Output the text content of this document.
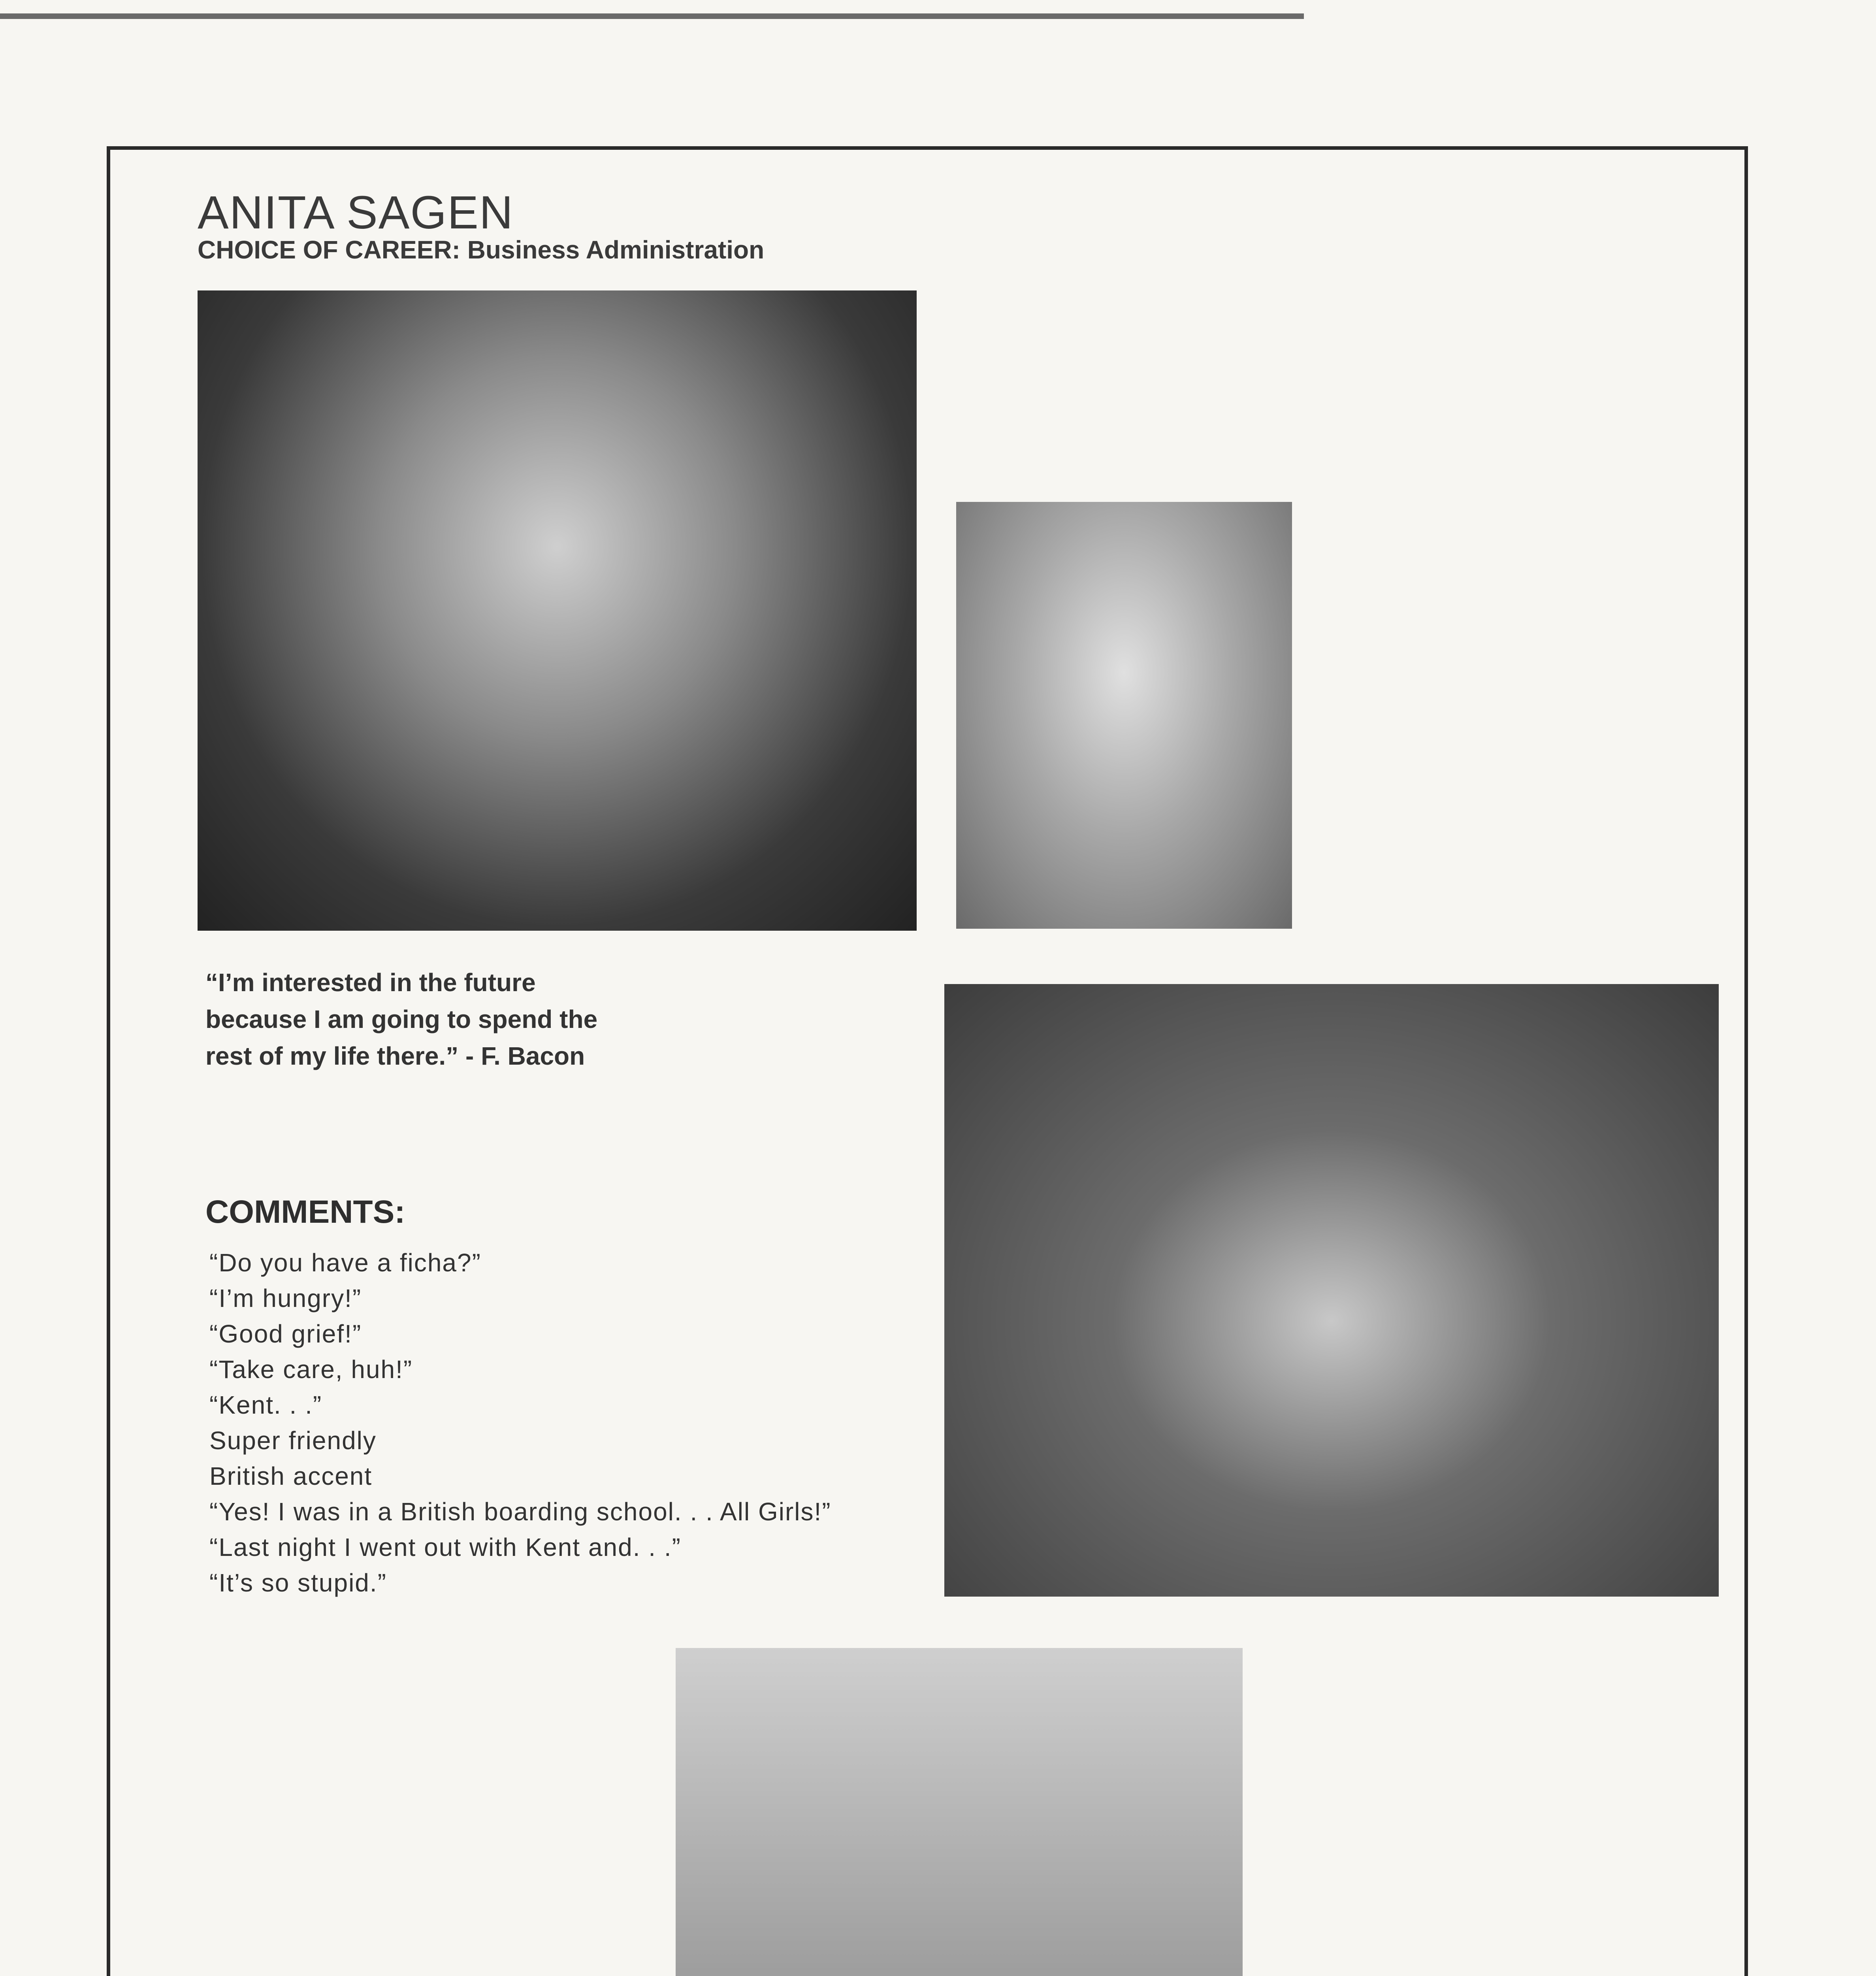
ANITA SAGEN
CHOICE OF CAREER: Business Administration
“I’m interested in the future
because I am going to spend the
rest of my life there.” - F. Bacon
COMMENTS:
“Do you have a ficha?”
“I’m hungry!”
“Good grief!”
“Take care, huh!”
“Kent. . .”
Super friendly
British accent
“Yes! I was in a British boarding school. . . All Girls!”
“Last night I went out with Kent and. . .”
“It’s so stupid.”
